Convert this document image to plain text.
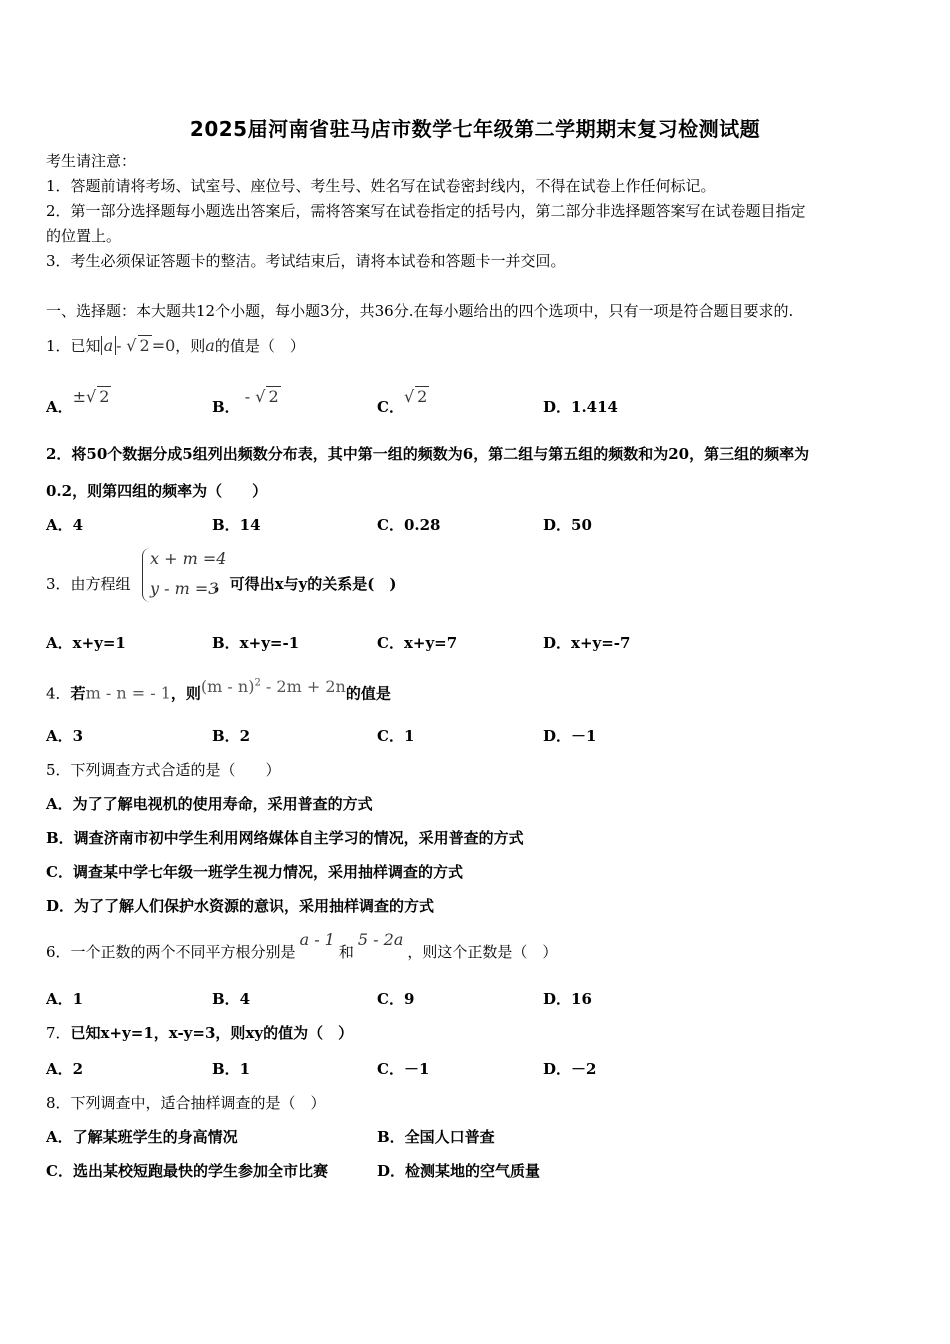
2025届河南省驻马店市数学七年级第二学期期末复习检测试题
考生请注意：
1．答题前请将考场、试室号、座位号、考生号、姓名写在试卷密封线内，不得在试卷上作任何标记。
2．第一部分选择题每小题选出答案后，需将答案写在试卷指定的括号内，第二部分非选择题答案写在试卷题目指定
的位置上。
3．考生必须保证答题卡的整洁。考试结束后，请将本试卷和答题卡一并交回。
一、选择题：本大题共12个小题，每小题3分，共36分.在每小题给出的四个选项中，只有一项是符合题目要求的.
1．已知 a - √ 2 =0，则a的值是（　）
A．±√ 2
B． - √ 2
C．√ 2
D．1.414
2．将50个数据分成5组列出频数分布表，其中第一组的频数为6，第二组与第五组的频数和为20，第三组的频率为
0.2，则第四组的频率为（　　）
A．4	B．14	C．0.28	D．50
3．由方程组	，可得出x与y的关系是(　)
x + m =4
y - m =3
A．x+y=1	B．x+y=-1	C．x+y=7	D．x+y=-7
4．若m - n = - 1，则(m - n)$^2$ - 2m + 2n的值是
A．3	B．2	C．1	D．－1
5．下列调查方式合适的是（　　）
A．为了了解电视机的使用寿命，采用普查的方式
B．调查济南市初中学生利用网络媒体自主学习的情况，采用普查的方式
C．调查某中学七年级一班学生视力情况，采用抽样调查的方式
D．为了了解人们保护水资源的意识，采用抽样调查的方式
6．一个正数的两个不同平方根分别是a - 1和5 - 2a，则这个正数是（　）
A．1	B．4	C．9	D．16
7．已知x+y=1，x-y=3，则xy的值为（　）
A．2	B．1	C．－1	D．－2
8．下列调查中，适合抽样调查的是（　）
A．了解某班学生的身高情况	B．全国人口普查
C．选出某校短跑最快的学生参加全市比赛	D．检测某地的空气质量
